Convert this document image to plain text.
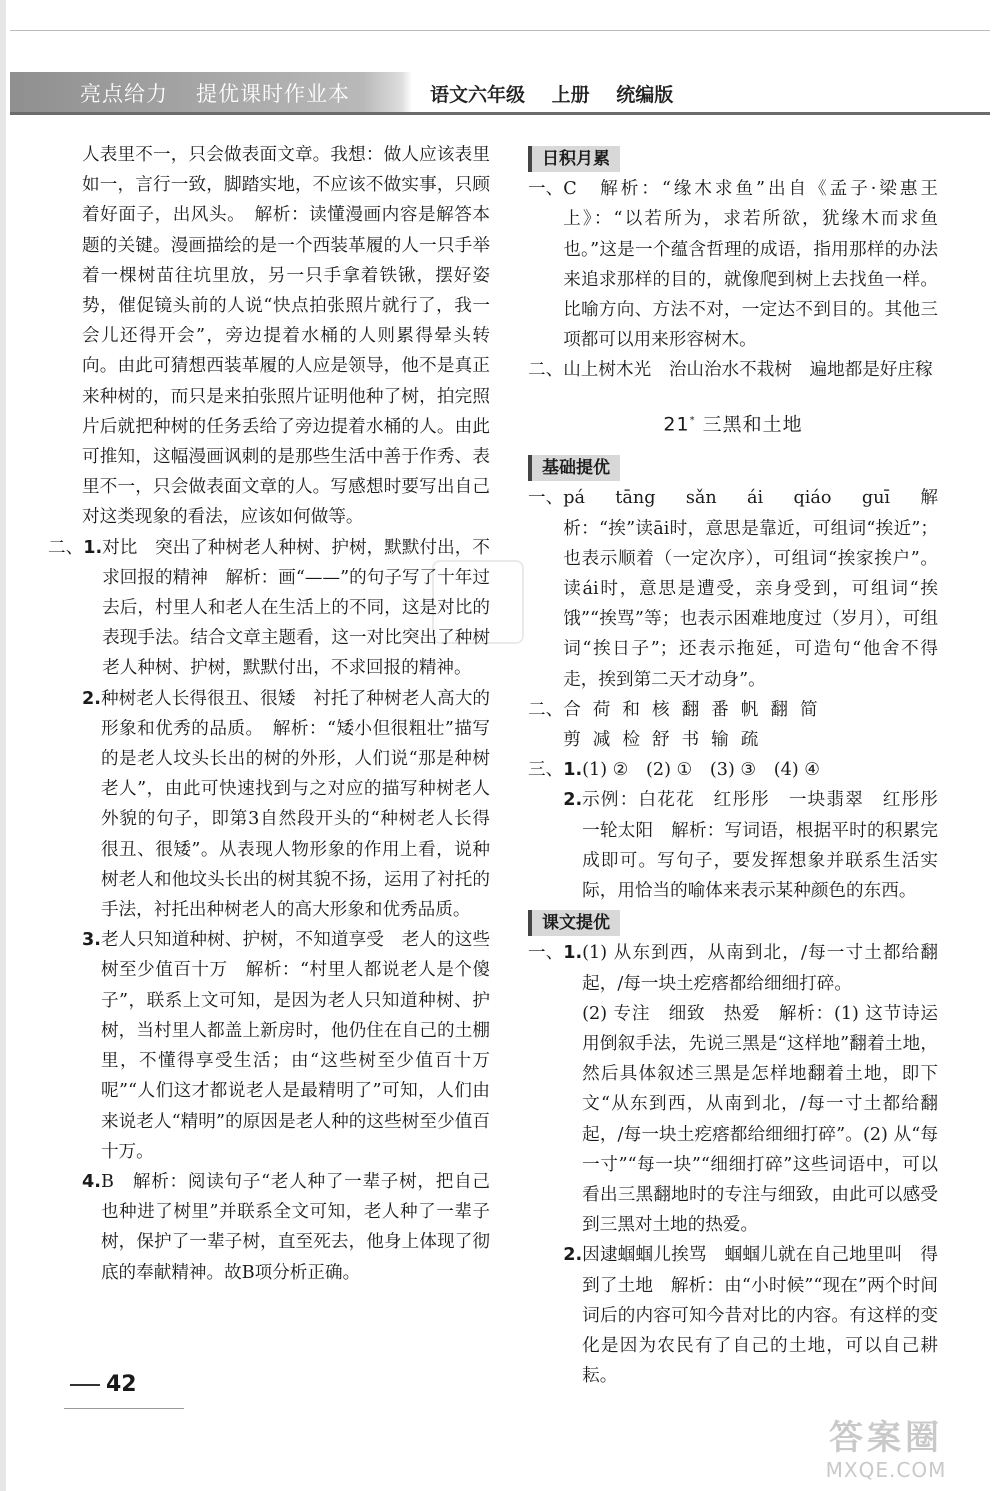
亮点给力 提优课时作业本	语文六年级 上册 统编版

人表里不一，只会做表面文章。我想：做人应该表里如一，言行一致，脚踏实地，不应该不做实事，只顾着好面子，出风头。　解析：读懂漫画内容是解答本题的关键。漫画描绘的是一个西装革履的人一只手举着一棵树苗往坑里放，另一只手拿着铁锹，摆好姿势，催促镜头前的人说“快点拍张照片就行了，我一会儿还得开会”，旁边提着水桶的人则累得晕头转向。由此可猜想西装革履的人应是领导，他不是真正来种树的，而只是来拍张照片证明他种了树，拍完照片后就把种树的任务丢给了旁边提着水桶的人。由此可推知，这幅漫画讽刺的是那些生活中善于作秀、表里不一，只会做表面文章的人。写感想时要写出自己对这类现象的看法，应该如何做等。

二、 1. 对比　突出了种树老人种树、护树，默默付出，不求回报的精神　解析：画“——”的句子写了十年过去后，村里人和老人在生活上的不同，这是对比的表现手法。结合文章主题看，这一对比突出了种树老人种树、护树，默默付出，不求回报的精神。
2. 种树老人长得很丑、很矮　衬托了种树老人高大的形象和优秀的品质。　解析：“矮小但很粗壮”描写的是老人坟头长出的树的外形，人们说“那是种树老人”，由此可快速找到与之对应的描写种树老人外貌的句子，即第3自然段开头的“种树老人长得很丑、很矮”。从表现人物形象的作用上看，说种树老人和他坟头长出的树其貌不扬，运用了衬托的手法，衬托出种树老人的高大形象和优秀品质。
3. 老人只知道种树、护树，不知道享受　老人的这些树至少值百十万　解析：“村里人都说老人是个傻子”，联系上文可知，是因为老人只知道种树、护树，当村里人都盖上新房时，他仍住在自己的土棚里，不懂得享受生活；由“这些树至少值百十万呢”“人们这才都说老人是最精明了”可知，人们由来说老人“精明”的原因是老人种的这些树至少值百十万。
4. B　解析：阅读句子“老人种了一辈子树，把自己也种进了树里”并联系全文可知，老人种了一辈子树，保护了一辈子树，直至死去，他身上体现了彻底的奉献精神。故B项分析正确。
日积月累
一、 C　解析：“缘木求鱼”出自《孟子·梁惠王上》：“以若所为，求若所欲，犹缘木而求鱼也。”这是一个蕴含哲理的成语，指用那样的办法来追求那样的目的，就像爬到树上去找鱼一样。比喻方向、方法不对，一定达不到目的。其他三项都可以用来形容树木。
二、 山上树木光　治山治水不栽树　遍地都是好庄稼
21* 三黑和土地
基础提优
一、 pá　tāng　sǎn　ái　qiáo　guī　解析：“挨”读āi时，意思是靠近，可组词“挨近”；也表示顺着（一定次序），可组词“挨家挨户”。读ái时，意思是遭受，亲身受到，可组词“挨饿”“挨骂”等；也表示困难地度过（岁月），可组词“挨日子”；还表示拖延，可造句“他舍不得走，挨到第二天才动身”。
二、 合荷和核翻番帆翻简
剪减检舒书输疏
三、 1. (1) ②　(2) ①　(3) ③　(4) ④
2. 示例：白花花　红彤彤　一块翡翠　红彤彤　一轮太阳　解析：写词语，根据平时的积累完成即可。写句子，要发挥想象并联系生活实际，用恰当的喻体来表示某种颜色的东西。
课文提优
一、 1. (1) 从东到西，从南到北，/每一寸土都给翻起，/每一块土疙瘩都给细细打碎。
(2) 专注　细致　热爱　解析：(1) 这节诗运用倒叙手法，先说三黑是“这样地”翻着土地，然后具体叙述三黑是怎样地翻着土地，即下文“从东到西，从南到北，/每一寸土都给翻起，/每一块土疙瘩都给细细打碎”。(2) 从“每一寸”“每一块”“细细打碎”这些词语中，可以看出三黑翻地时的专注与细致，由此可以感受到三黑对土地的热爱。
2. 因逮蝈蝈儿挨骂　蝈蝈儿就在自己地里叫　得到了土地　解析：由“小时候”“现在”两个时间词后的内容可知今昔对比的内容。有这样的变化是因为农民有了自己的土地，可以自己耕耘。
42
答案圈
MXQE.COM
